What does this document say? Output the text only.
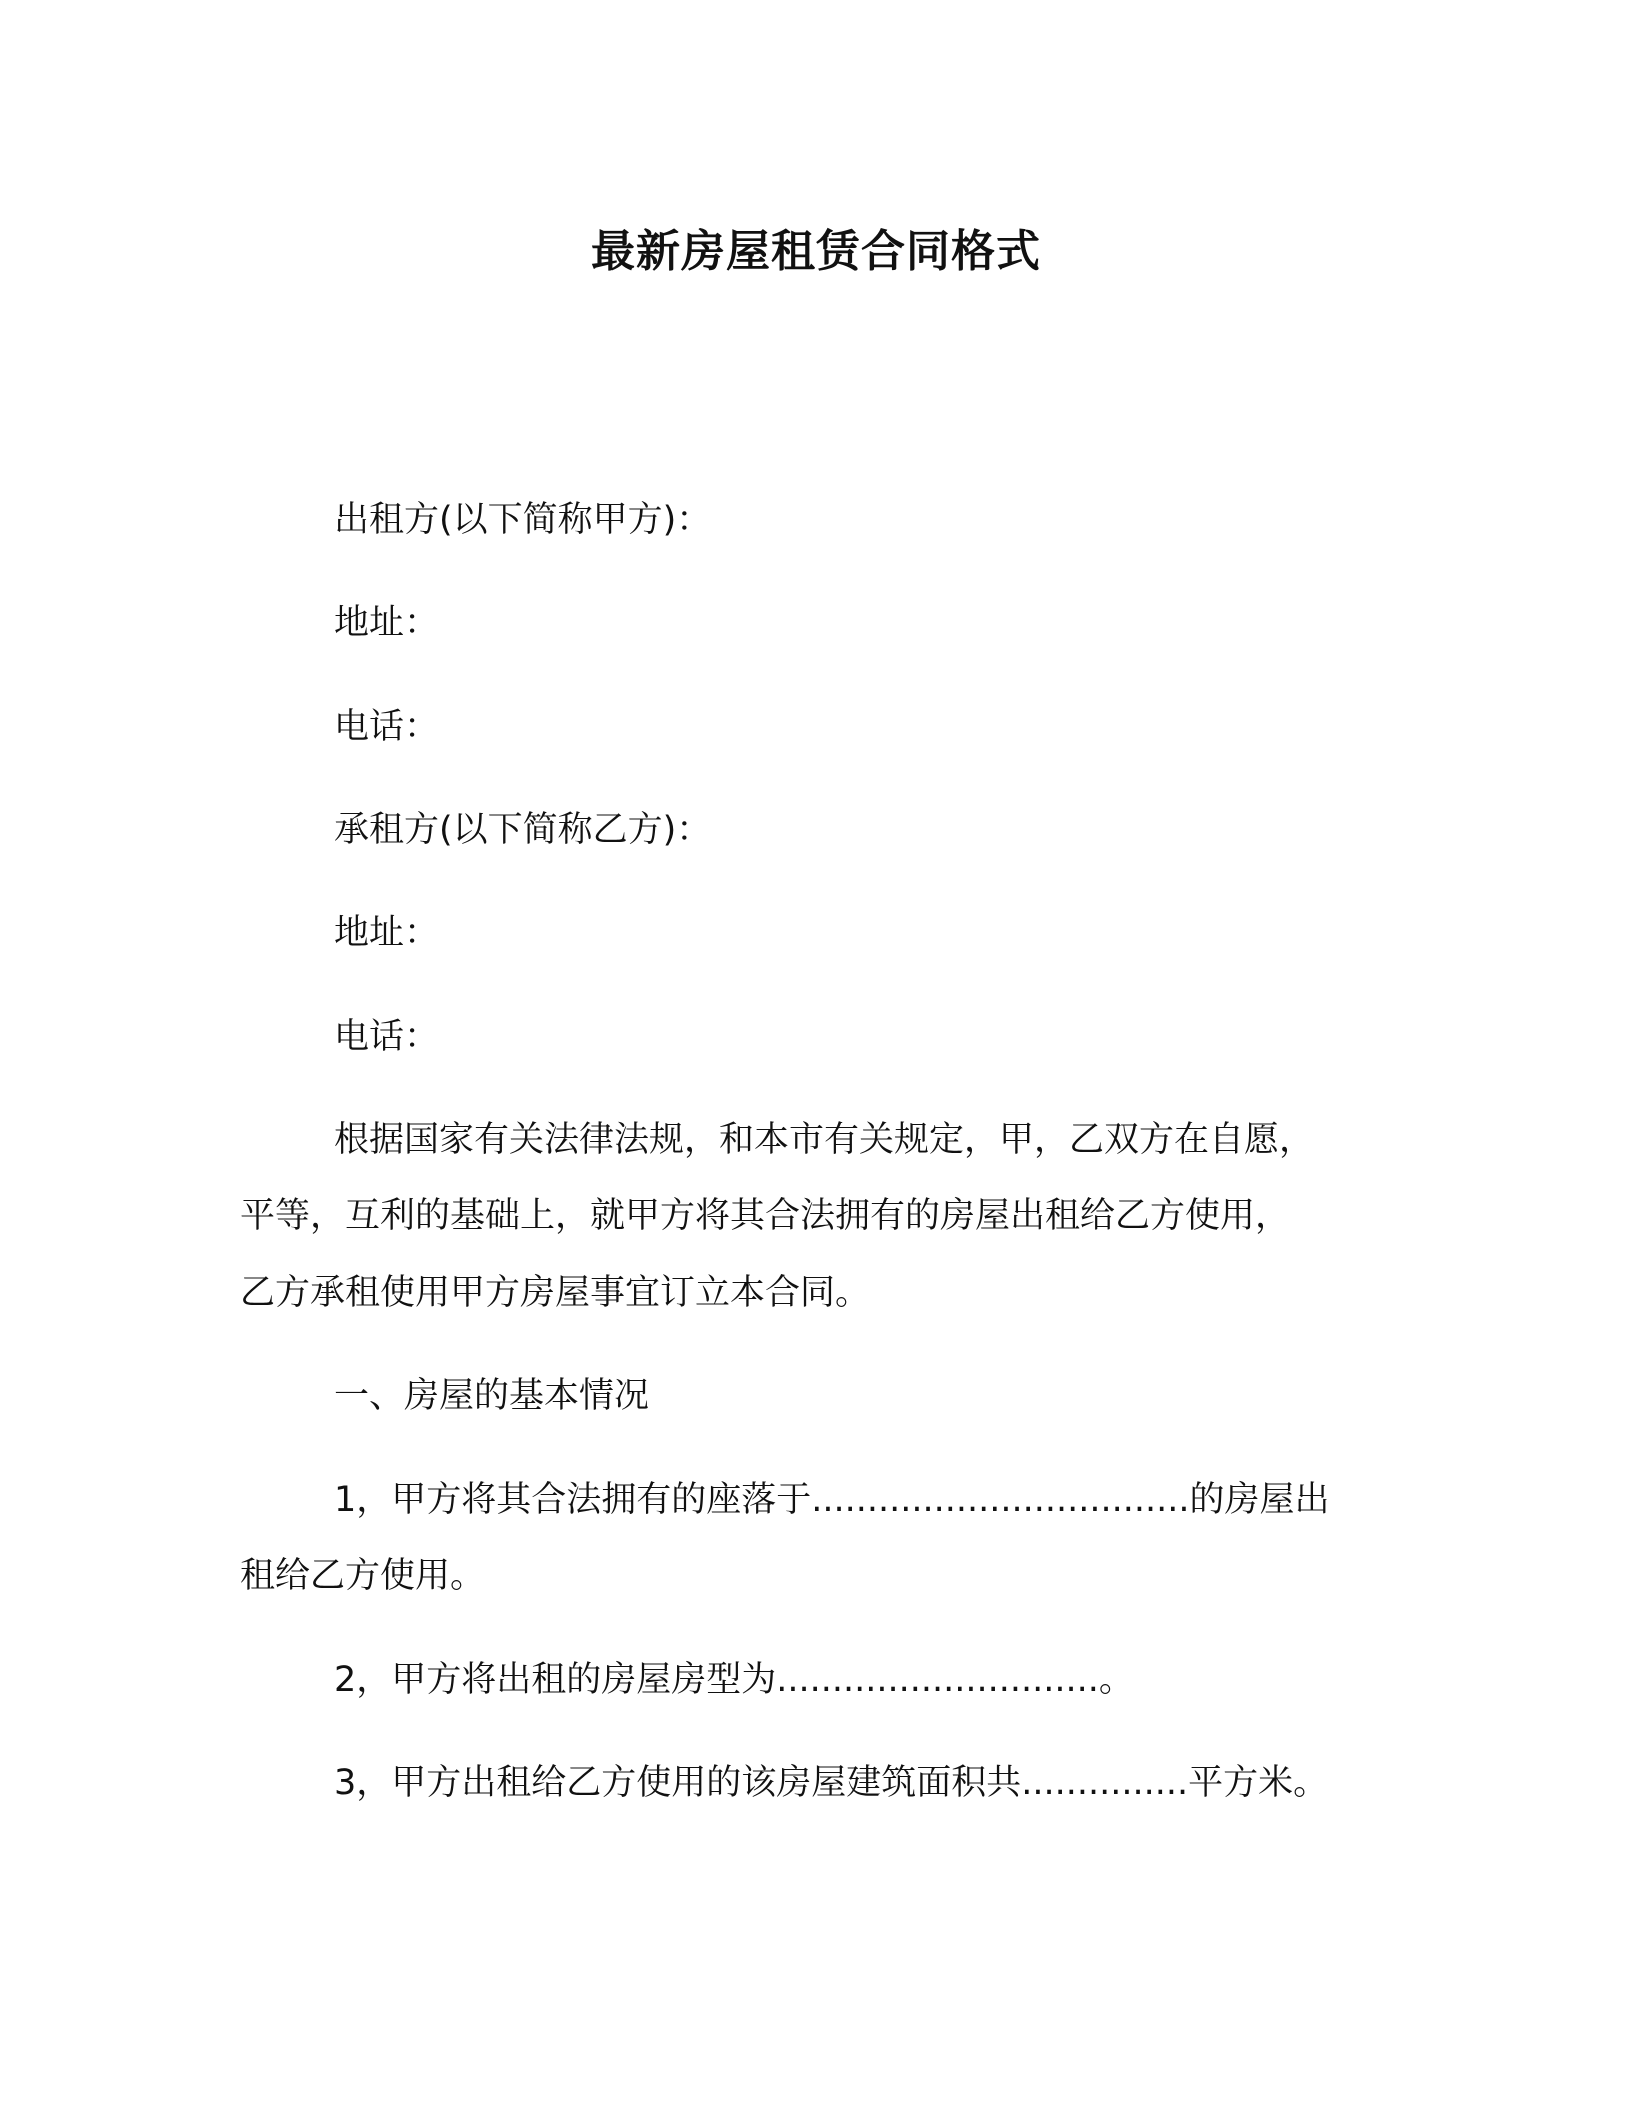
最新房屋租赁合同格式
出租方(以下简称甲方)：
地址：
电话：
承租方(以下简称乙方)：
地址：
电话：
根据国家有关法律法规，和本市有关规定，甲，乙双方在自愿，
平等，互利的基础上，就甲方将其合法拥有的房屋出租给乙方使用，
乙方承租使用甲方房屋事宜订立本合同。
一、房屋的基本情况
1，甲方将其合法拥有的座落于..................................的房屋出
租给乙方使用。
2，甲方将出租的房屋房型为.............................。
3，甲方出租给乙方使用的该房屋建筑面积共...............平方米。
